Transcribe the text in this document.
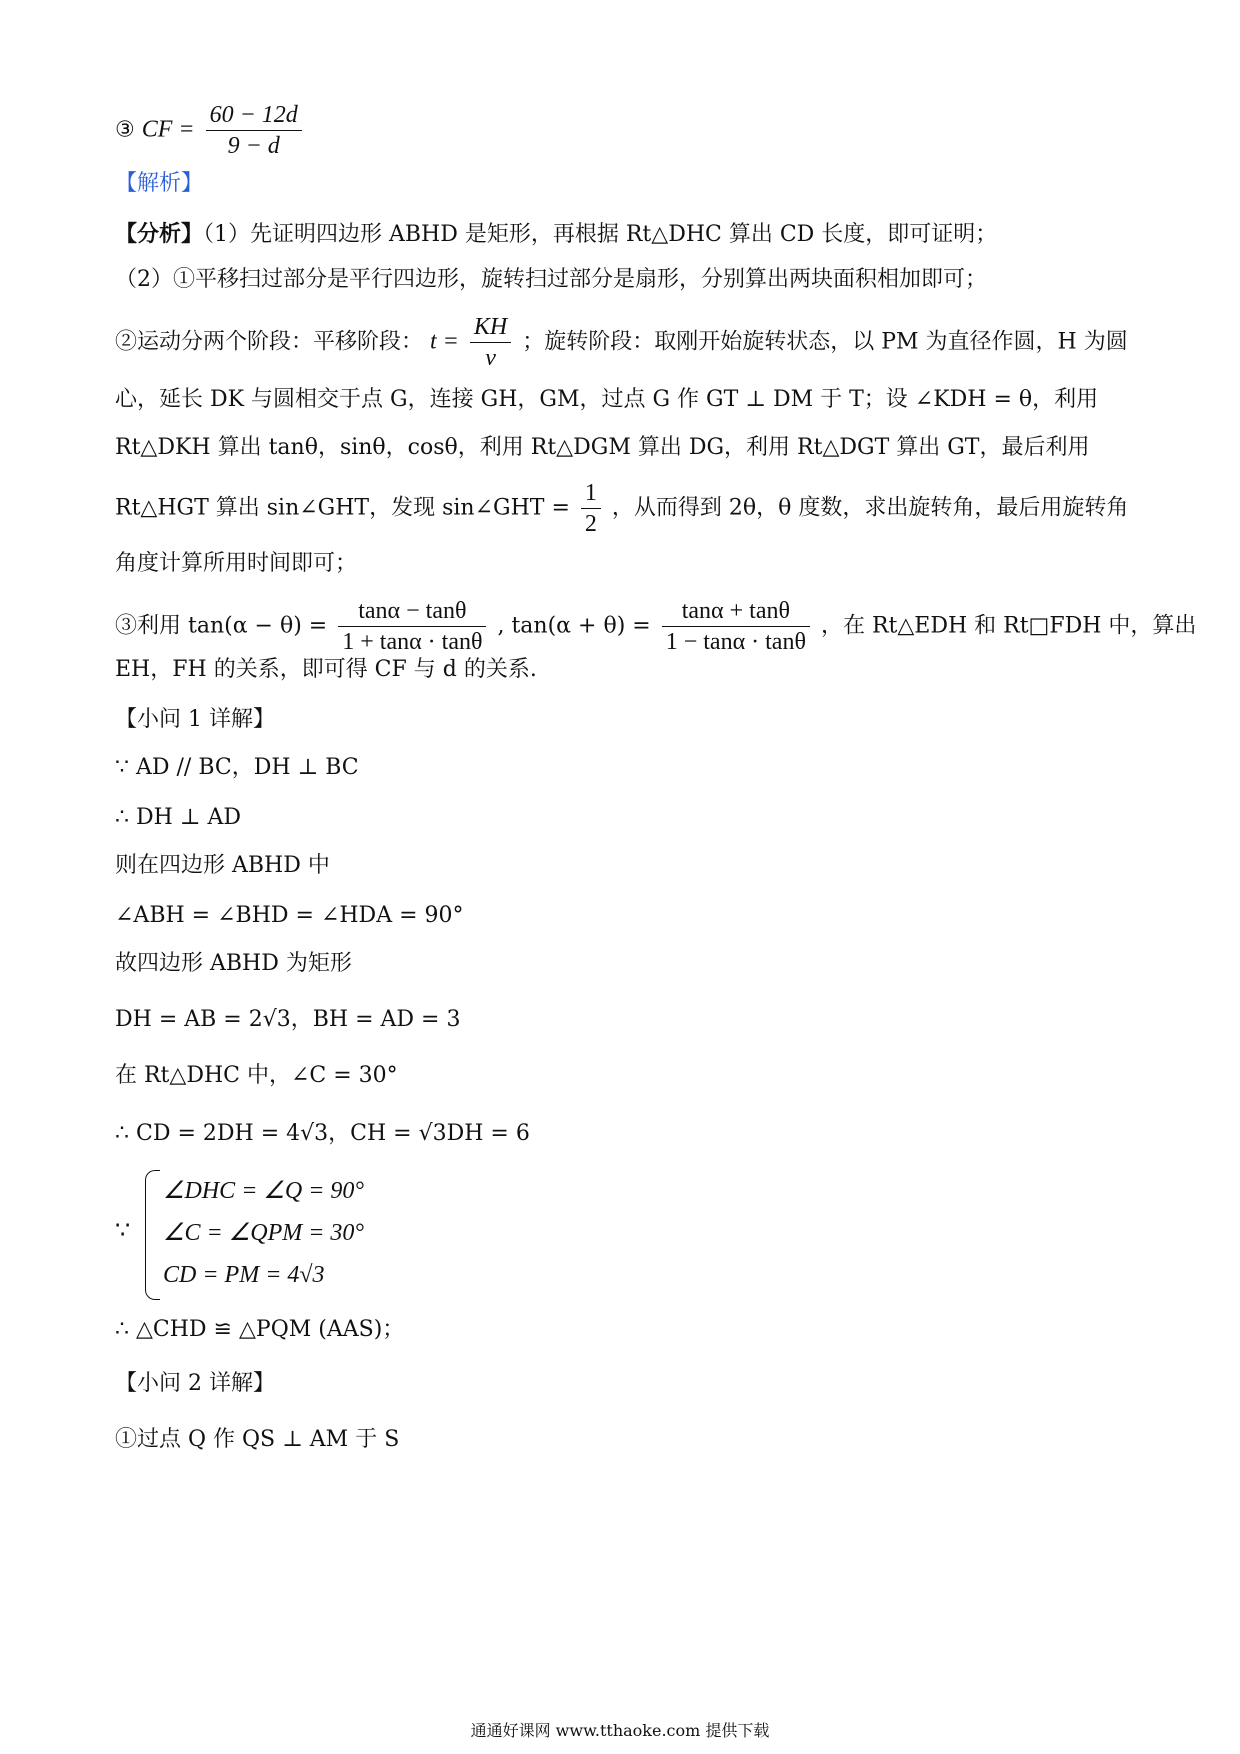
③ CF = $\frac{60 - 12d}{9 - d}$
【解析】
【分析】（1）先证明四边形 ABHD 是矩形，再根据 Rt△DHC 算出 CD 长度，即可证明；
（2）①平移扫过部分是平行四边形，旋转扫过部分是扇形，分别算出两块面积相加即可；
②运动分两个阶段：平移阶段： $t = \frac{KH}{v}$ ；旋转阶段：取刚开始旋转状态，以 PM 为直径作圆，H 为圆
心，延长 DK 与圆相交于点 G，连接 GH，GM，过点 G 作 GT ⊥ DM 于 T；设 ∠KDH = θ，利用
Rt△DKH 算出 tanθ，sinθ，cosθ，利用 Rt△DGM 算出 DG，利用 Rt△DGT 算出 GT，最后利用
Rt△HGT 算出 sin∠GHT，发现 sin∠GHT = $\frac{1}{2}$ ，从而得到 2θ，θ 度数，求出旋转角，最后用旋转角
角度计算所用时间即可；
③利用 $\tan(\alpha - \theta) = \frac{\tan\alpha - \tan\theta}{1 + \tan\alpha \cdot \tan\theta}$ , $\tan(\alpha + \theta) = \frac{\tan\alpha + \tan\theta}{1 - \tan\alpha \cdot \tan\theta}$ ，在 Rt△EDH 和 Rt□FDH 中，算出
EH，FH 的关系，即可得 CF 与 d 的关系.
【小问 1 详解】
∵ AD // BC，DH ⊥ BC
∴ DH ⊥ AD
则在四边形 ABHD 中
∠ABH = ∠BHD = ∠HDA = 90°
故四边形 ABHD 为矩形
DH = AB = 2√3，BH = AD = 3
在 Rt△DHC 中，∠C = 30°
∴ CD = 2DH = 4√3，CH = √3DH = 6
∵
∠DHC = ∠Q = 90°
∠C = ∠QPM = 30°
CD = PM = 4√3
∴ △CHD ≌ △PQM (AAS)；
【小问 2 详解】
①过点 Q 作 QS ⊥ AM 于 S
通通好课网 www.tthaoke.com 提供下载
